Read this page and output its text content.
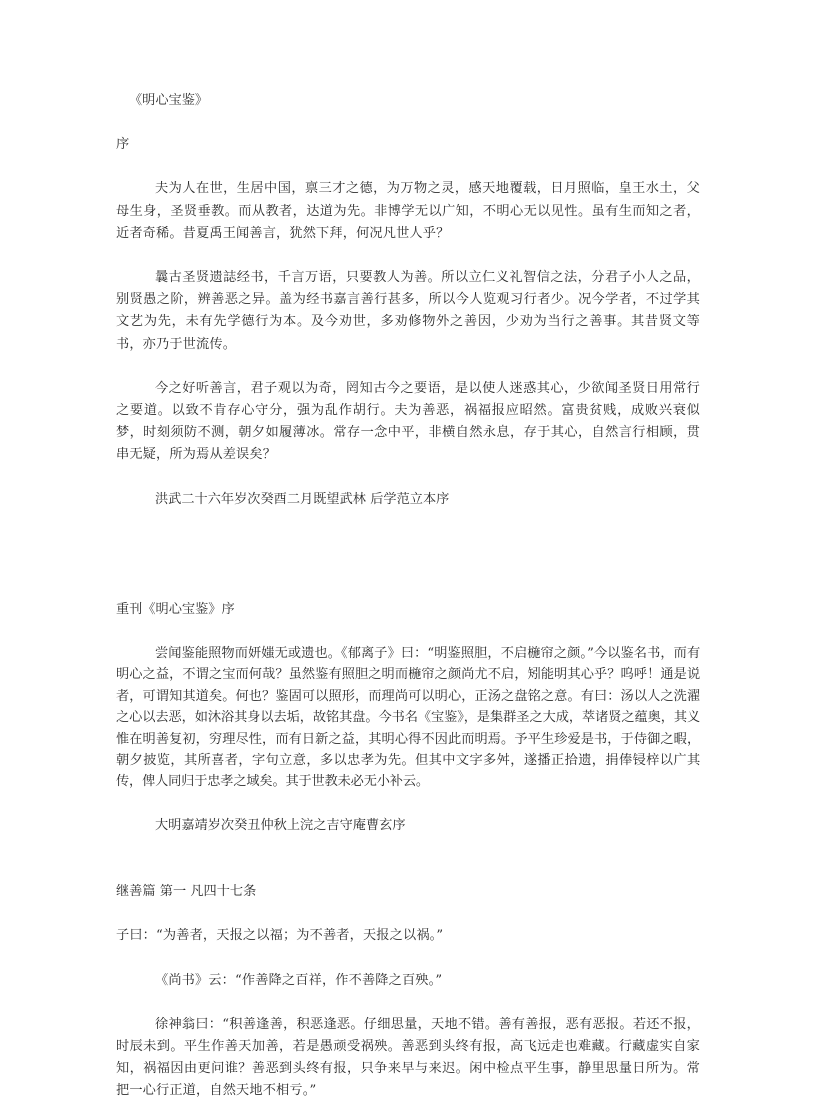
《明心宝鉴》
序

夫为人在世，生居中国，禀三才之德，为万物之灵，感天地覆载，日月照临，皇王水土，父母生身，圣贤垂教。而从教者，达道为先。非博学无以广知，不明心无以见性。虽有生而知之者，近者奇稀。昔夏禹王闻善言，犹然下拜，何况凡世人乎？

曩古圣贤遗誌经书，千言万语，只要教人为善。所以立仁义礼智信之法，分君子小人之品，别贤愚之阶，辨善恶之异。盖为经书嘉言善行甚多，所以今人览观习行者少。况今学者，不过学其文艺为先，未有先学德行为本。及今劝世，多劝修物外之善因，少劝为当行之善事。其昔贤文等书，亦乃于世流传。

今之好听善言，君子观以为奇，罔知古今之要语，是以使人迷惑其心，少欲闻圣贤日用常行之要道。以致不肯存心守分，强为乱作胡行。夫为善恶，祸福报应昭然。富贵贫贱，成败兴衰似梦，时刻须防不测，朝夕如履薄冰。常存一念中平，非横自然永息，存于其心，自然言行相顾，贯串无疑，所为焉从差误矣？

洪武二十六年岁次癸酉二月既望武林 后学范立本序

重刊《明心宝鉴》序

尝闻鉴能照物而妍媸无或遗也。《郁离子》曰：“明鉴照胆，不启椸帘之颜。”今以鉴名书，而有明心之益，不谓之宝而何哉？虽然鉴有照胆之明而椸帘之颜尚尤不启，矧能明其心乎？呜呼！通是说者，可谓知其道矣。何也？鉴固可以照形，而理尚可以明心，正汤之盘铭之意。有曰：汤以人之洗濯之心以去恶，如沐浴其身以去垢，故铭其盘。今书名《宝鉴》，是集群圣之大成，萃诸贤之蕴奥，其义惟在明善复初，穷理尽性，而有日新之益，其明心得不因此而明焉。予平生珍爱是书，于侍御之暇，朝夕披览，其所喜者，字句立意，多以忠孝为先。但其中文字多舛，遂播正拾遗，捐俸锓梓以广其传，俾人同归于忠孝之域矣。其于世教未必无小补云。

大明嘉靖岁次癸丑仲秋上浣之吉守庵曹玄序

继善篇 第一 凡四十七条

子曰：“为善者，天报之以福；为不善者，天报之以祸。”

《尚书》云：“作善降之百祥，作不善降之百殃。”

徐神翁曰：“积善逢善，积恶逢恶。仔细思量，天地不错。善有善报，恶有恶报。若还不报，时辰未到。平生作善天加善，若是愚顽受祸殃。善恶到头终有报，高飞远走也难藏。行藏虚实自家知，祸福因由更问谁？善恶到头终有报，只争来早与来迟。闲中检点平生事，静里思量日所为。常把一心行正道，自然天地不相亏。”
